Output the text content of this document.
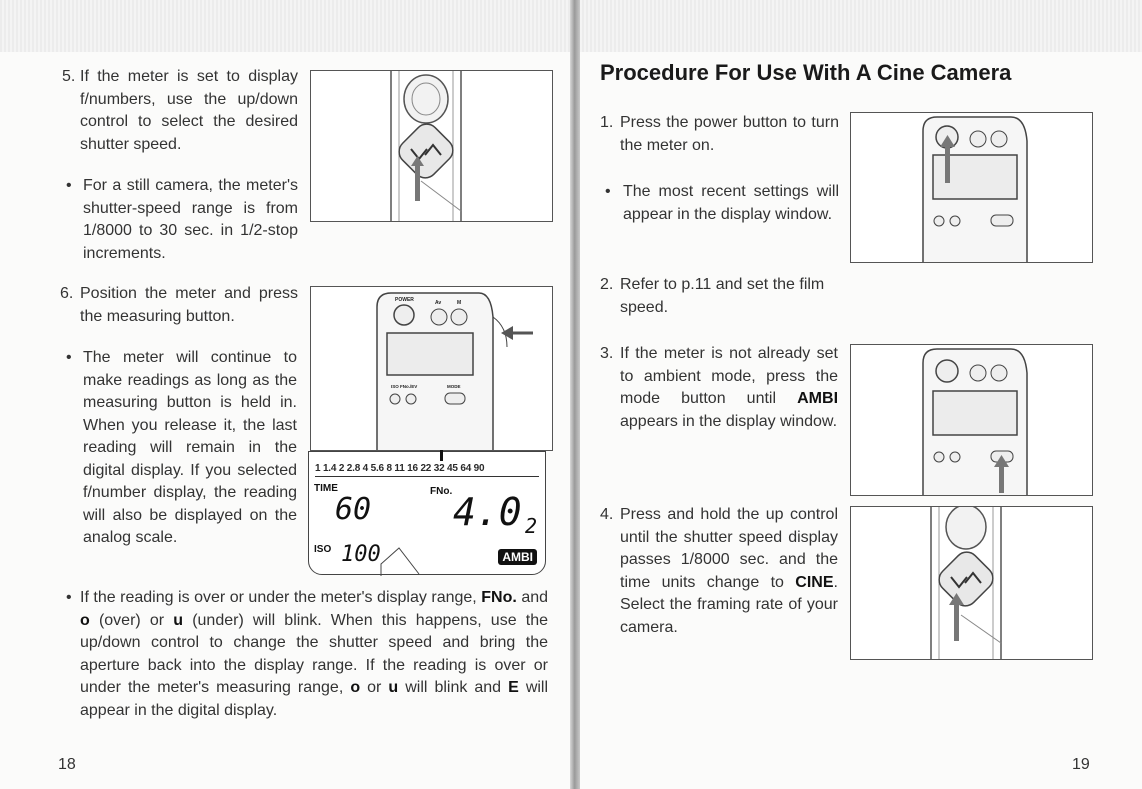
5. If the meter is set to display f/numbers, use the up/down control to select the desired shutter speed.
• For a still camera, the meter's shutter-speed range is from 1/8000 to 30 sec. in 1/2-stop increments.
6. Position the meter and press the measuring button.
• The meter will continue to make readings as long as the measuring button is held in. When you release it, the last reading will remain in the digital display. If you selected f/number display, the reading will also be displayed on the analog scale.
• If the reading is over or under the meter's display range, FNo. and o (over) or u (under) will blink. When this happens, use the up/down control to change the shutter speed and bring the aperture back into the display range. If the reading is over or under the meter's measuring range, o or u will blink and E will appear in the digital display.
POWER	Av	M
ISO FNo./EV	MODE
1 1.4 2 2.8 4 5.6 8 11 16 22 32 45 64 90
TIME	FNo.
60 4.0 2
ISO 100	AMBI
18
Procedure For Use With A Cine Camera
1. Press the power button to turn the meter on.
• The most recent settings will appear in the display window.
2. Refer to p.11 and set the film speed.
3. If the meter is not already set to ambient mode, press the mode button until AMBI appears in the display window.
4. Press and hold the up control until the shutter speed display passes 1/8000 sec. and the time units change to CINE. Select the framing rate of your camera.
19
